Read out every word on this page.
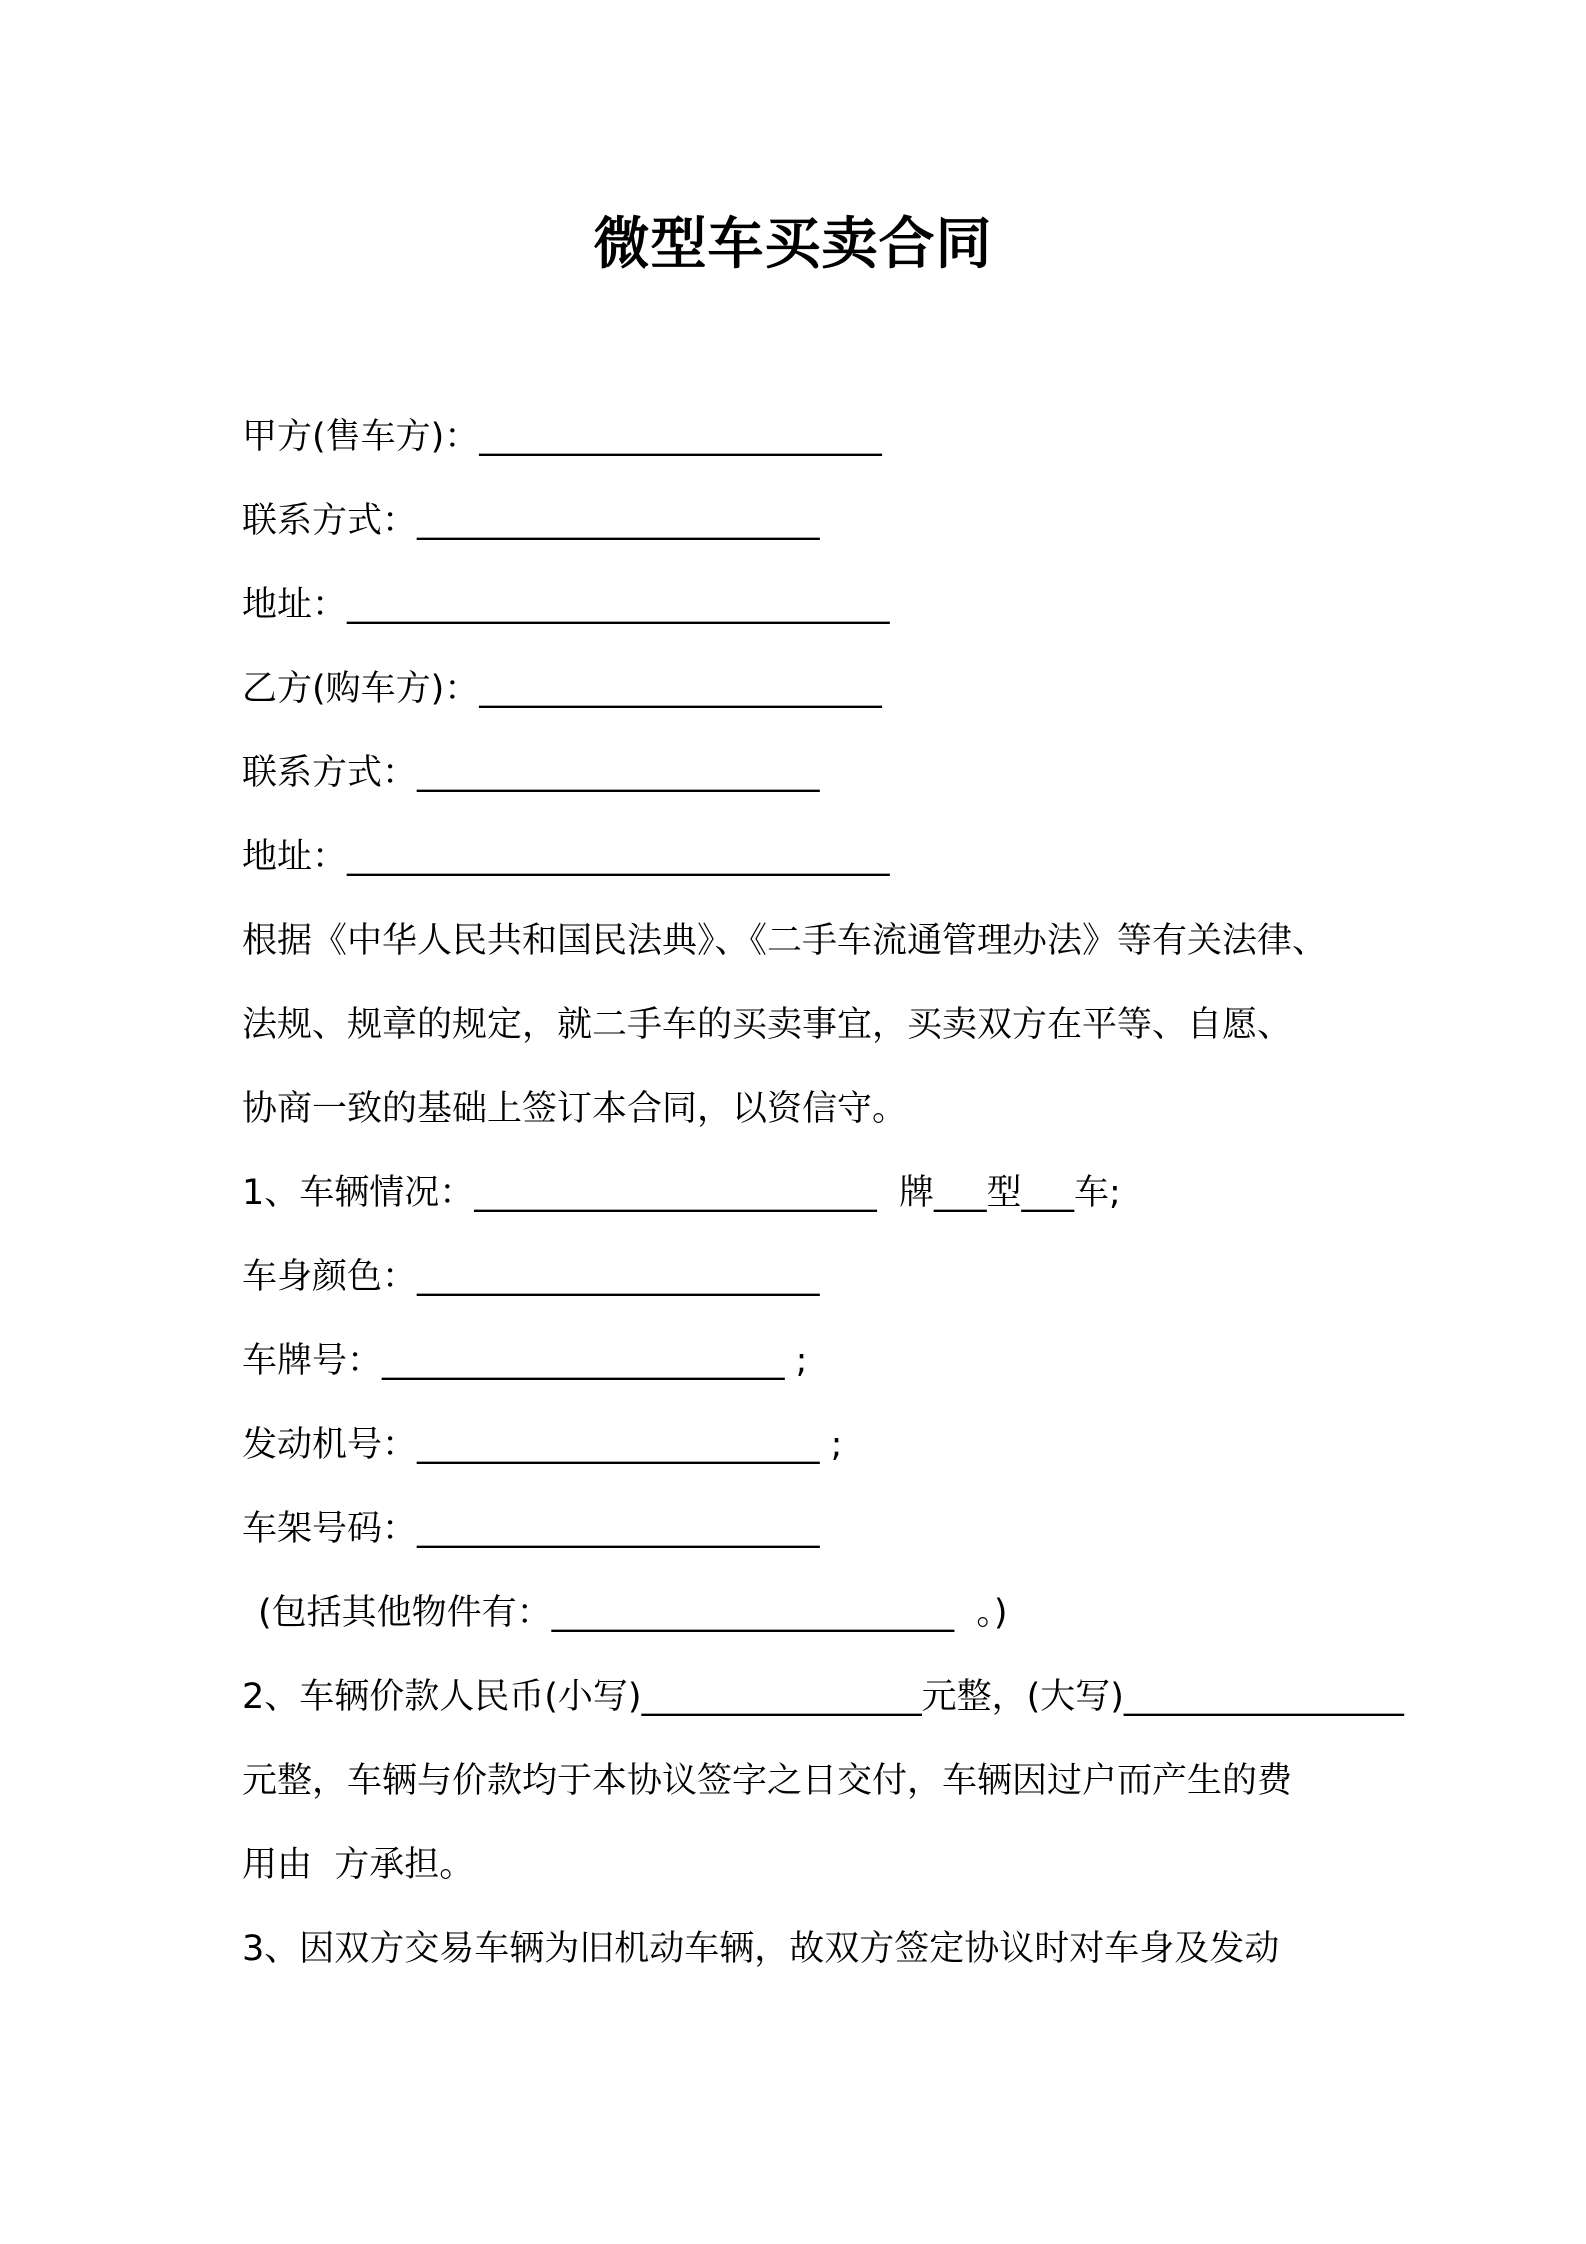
微型车买卖合同
甲方(售车方)：_______________________
联系方式：_______________________
地址：_______________________________
乙方(购车方)：_______________________
联系方式：_______________________
地址：_______________________________
根据《中华人民共和国民法典》、《二手车流通管理办法》等有关法律、
法规、规章的规定，就二手车的买卖事宜，买卖双方在平等、自愿、
协商一致的基础上签订本合同，以资信守。
1、车辆情况：_______________________  牌___型___车;
车身颜色：_______________________
车牌号：_______________________ ;
发动机号：_______________________ ;
车架号码：_______________________
(包括其他物件有：_______________________  。)
2、车辆价款人民币(小写)________________元整，(大写)________________
元整，车辆与价款均于本协议签字之日交付，车辆因过户而产生的费
用由  方承担。
3、因双方交易车辆为旧机动车辆，故双方签定协议时对车身及发动
